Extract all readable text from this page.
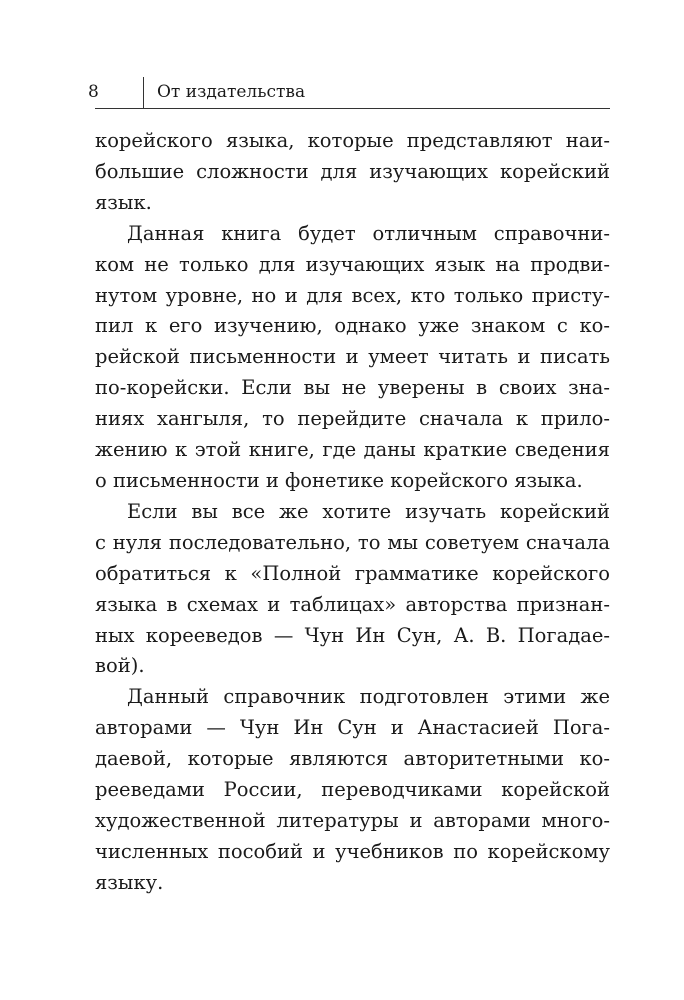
8	От издательства
корейского языка, которые представляют наи-
большие сложности для изучающих корейский
язык.
Данная книга будет отличным справочни-
ком не только для изучающих язык на продви-
нутом уровне, но и для всех, кто только присту-
пил к его изучению, однако уже знаком с ко-
рейской письменности и умеет читать и писать
по-корейски. Если вы не уверены в своих зна-
ниях хангыля, то перейдите сначала к прило-
жению к этой книге, где даны краткие сведения
о письменности и фонетике корейского языка.
Если вы все же хотите изучать корейский
с нуля последовательно, то мы советуем сначала
обратиться к «Полной грамматике корейского
языка в схемах и таблицах» авторства признан-
ных корееведов — Чун Ин Сун, А. В. Погадае-
вой).
Данный справочник подготовлен этими же
авторами — Чун Ин Сун и Анастасией Пога-
даевой, которые являются авторитетными ко-
рееведами России, переводчиками корейской
художественной литературы и авторами много-
численных пособий и учебников по корейскому
языку.
